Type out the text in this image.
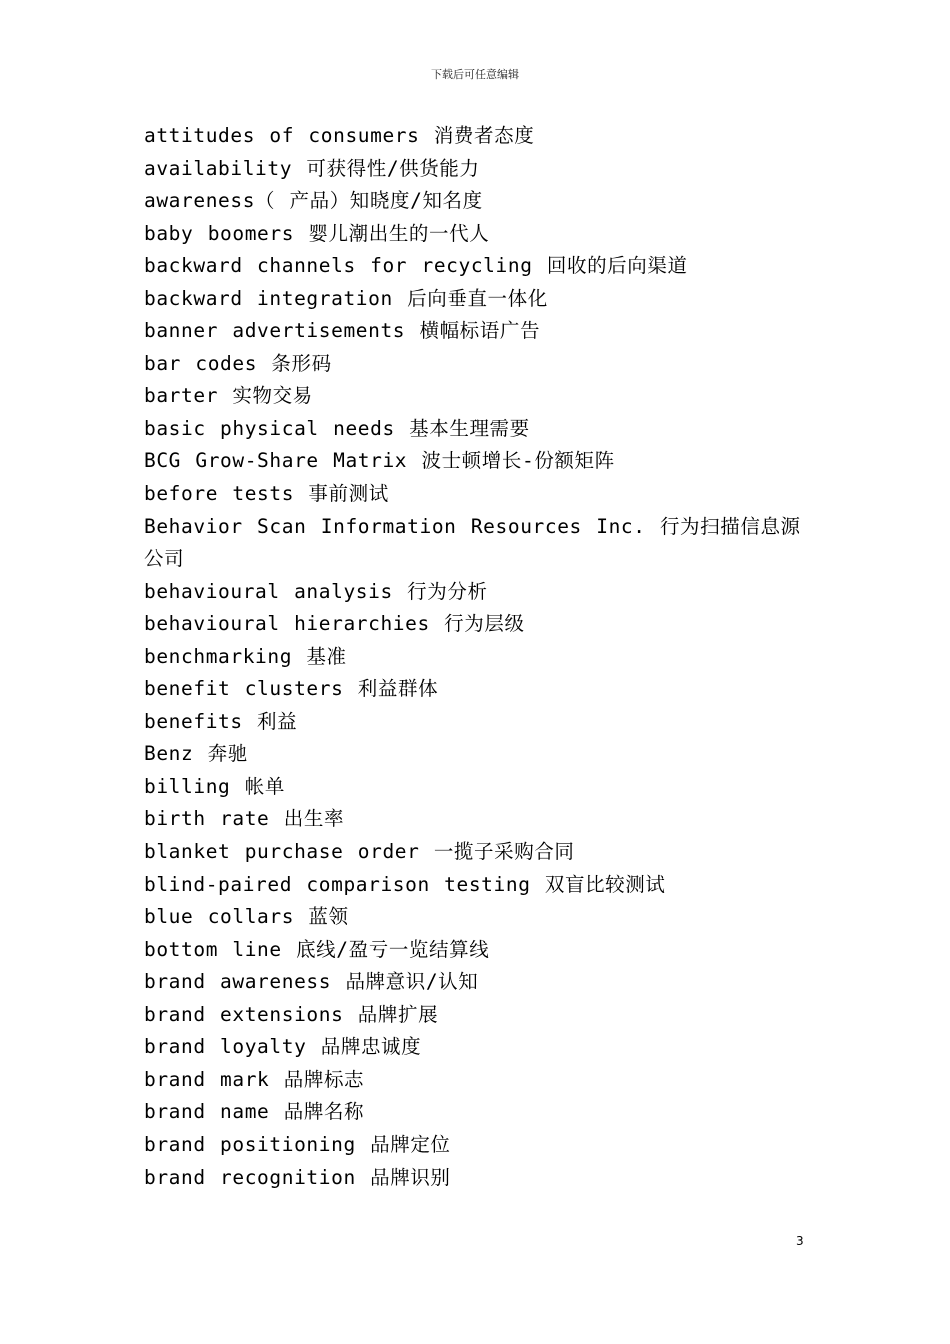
下载后可任意编辑
attitudes of consumers 消费者态度
availability 可获得性/供货能力
awareness（ 产品）知晓度/知名度
baby boomers 婴儿潮出生的一代人
backward channels for recycling 回收的后向渠道
backward integration 后向垂直一体化
banner advertisements 横幅标语广告
bar codes 条形码
barter 实物交易
basic physical needs 基本生理需要
BCG Grow-Share Matrix 波士顿增长-份额矩阵
before tests 事前测试
Behavior Scan Information Resources Inc. 行为扫描信息源公司
behavioural analysis 行为分析
behavioural hierarchies 行为层级
benchmarking 基准
benefit clusters 利益群体
benefits 利益
Benz 奔驰
billing 帐单
birth rate 出生率
blanket purchase order 一揽子采购合同
blind-paired comparison testing 双盲比较测试
blue collars 蓝领
bottom line 底线/盈亏一览结算线
brand awareness 品牌意识/认知
brand extensions 品牌扩展
brand loyalty 品牌忠诚度
brand mark 品牌标志
brand name 品牌名称
brand positioning 品牌定位
brand recognition 品牌识别
3
